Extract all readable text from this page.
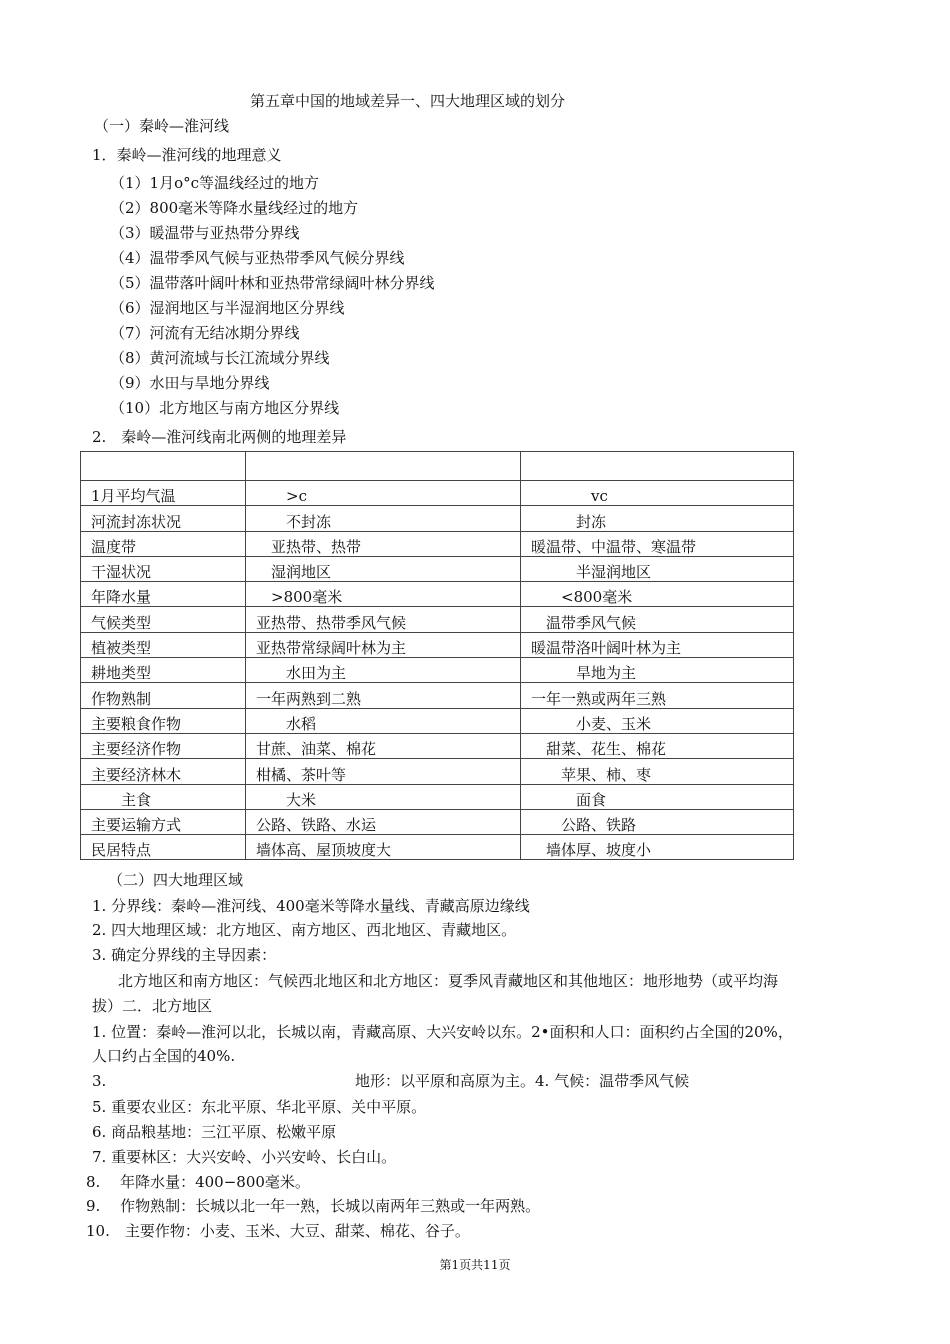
第五章中国的地域差异一、四大地理区域的划分
（一）秦岭—淮河线
1．秦岭—淮河线的地理意义
（1）1月o°c等温线经过的地方
（2）800毫米等降水量线经过的地方
（3）暖温带与亚热带分界线
（4）温带季风气候与亚热带季风气候分界线
（5）温带落叶阔叶林和亚热带常绿阔叶林分界线
（6）湿润地区与半湿润地区分界线
（7）河流有无结冰期分界线
（8）黄河流域与长江流域分界线
（9）水田与旱地分界线
（10）北方地区与南方地区分界线
2.　秦岭—淮河线南北两侧的地理差异

1月平均气温	　　>c	　　　　vc
河流封冻状况	　　不封冻	　　　封冻
温度带	　亚热带、热带	暖温带、中温带、寒温带
干湿状况	　湿润地区	　　　半湿润地区
年降水量	　>800毫米	　　<800毫米
气候类型	亚热带、热带季风气候	　温带季风气候
植被类型	亚热带常绿阔叶林为主	暖温带洛叶阔叶林为主
耕地类型	　　水田为主	　　　旱地为主
作物熟制	一年两熟到二熟	一年一熟或两年三熟
主要粮食作物	　　水稻	　　　小麦、玉米
主要经济作物	甘蔗、油菜、棉花	　甜菜、花生、棉花
主要经济林木	柑橘、茶叶等	　　苹果、柿、枣
　　主食	　　大米	　　　面食
主要运输方式	公路、铁路、水运	　　公路、铁路
民居特点	墙体高、屋顶坡度大	　墙体厚、坡度小
（二）四大地理区域
1. 分界线：秦岭—淮河线、400毫米等降水量线、青藏高原边缘线
2. 四大地理区域：北方地区、南方地区、西北地区、青藏地区。
3. 确定分界线的主导因素：
北方地区和南方地区：气候西北地区和北方地区：夏季风青藏地区和其他地区：地形地势（或平均海
拔）二．北方地区
1. 位置：秦岭—淮河以北，长城以南，青藏高原、大兴安岭以东。2•面积和人口：面积约占全国的20%，
人口约占全国的40%.
3.	地形：以平原和高原为主。4. 气候：温带季风气候
5. 重要农业区：东北平原、华北平原、关中平原。
6. 商品粮基地：三江平原、松嫩平原
7. 重要林区：大兴安岭、小兴安岭、长白山。
8.　 年降水量：400−800毫米。
9.　 作物熟制：长城以北一年一熟，长城以南两年三熟或一年两熟。
10.　主要作物：小麦、玉米、大豆、甜菜、棉花、谷子。
第1页共11页
